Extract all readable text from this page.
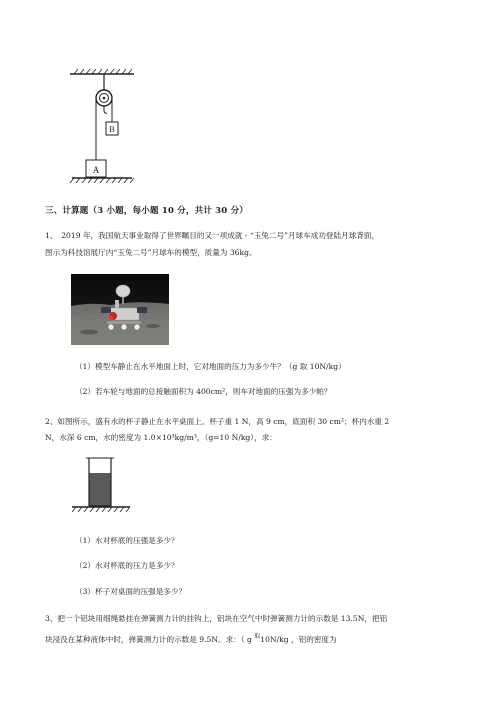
B
A
三、计算题（3 小题，每小题 10 分，共计 30 分）
1、　2019 年，我国航天事业取得了世界瞩目的又一项成就 - “玉兔二号”月球车成功登陆月球背面，
图示为科技馆展厅内“玉兔二号”月球车的模型，质量为 36kg。
（1）模型车静止在水平地面上时，它对地面的压力为多少牛？（g 取 10N/kg）
（2）若车轮与地面的总接触面积为 400cm²，则车对地面的压强为多少帕？
2、如图所示，盛有水的杯子静止在水平桌面上。杯子重 1 N，高 9 cm，底面积 30 cm²；杯内水重 2
N，水深 6 cm，水的密度为 1.0×10³kg/m³，（g=10 N/kg），求：
（1）水对杯底的压强是多少？
（2）水对杯底的压力是多少？
（3）杯子对桌面的压强是多少？
3、把一个铝块用细绳悬挂在弹簧测力计的挂钩上，铝块在空气中时弹簧测力计的示数是 13.5N，把铝
块浸没在某种液体中时，弹簧测力计的示数是 9.5N。求：（ g $^取$10N/kg ，铝的密度为
